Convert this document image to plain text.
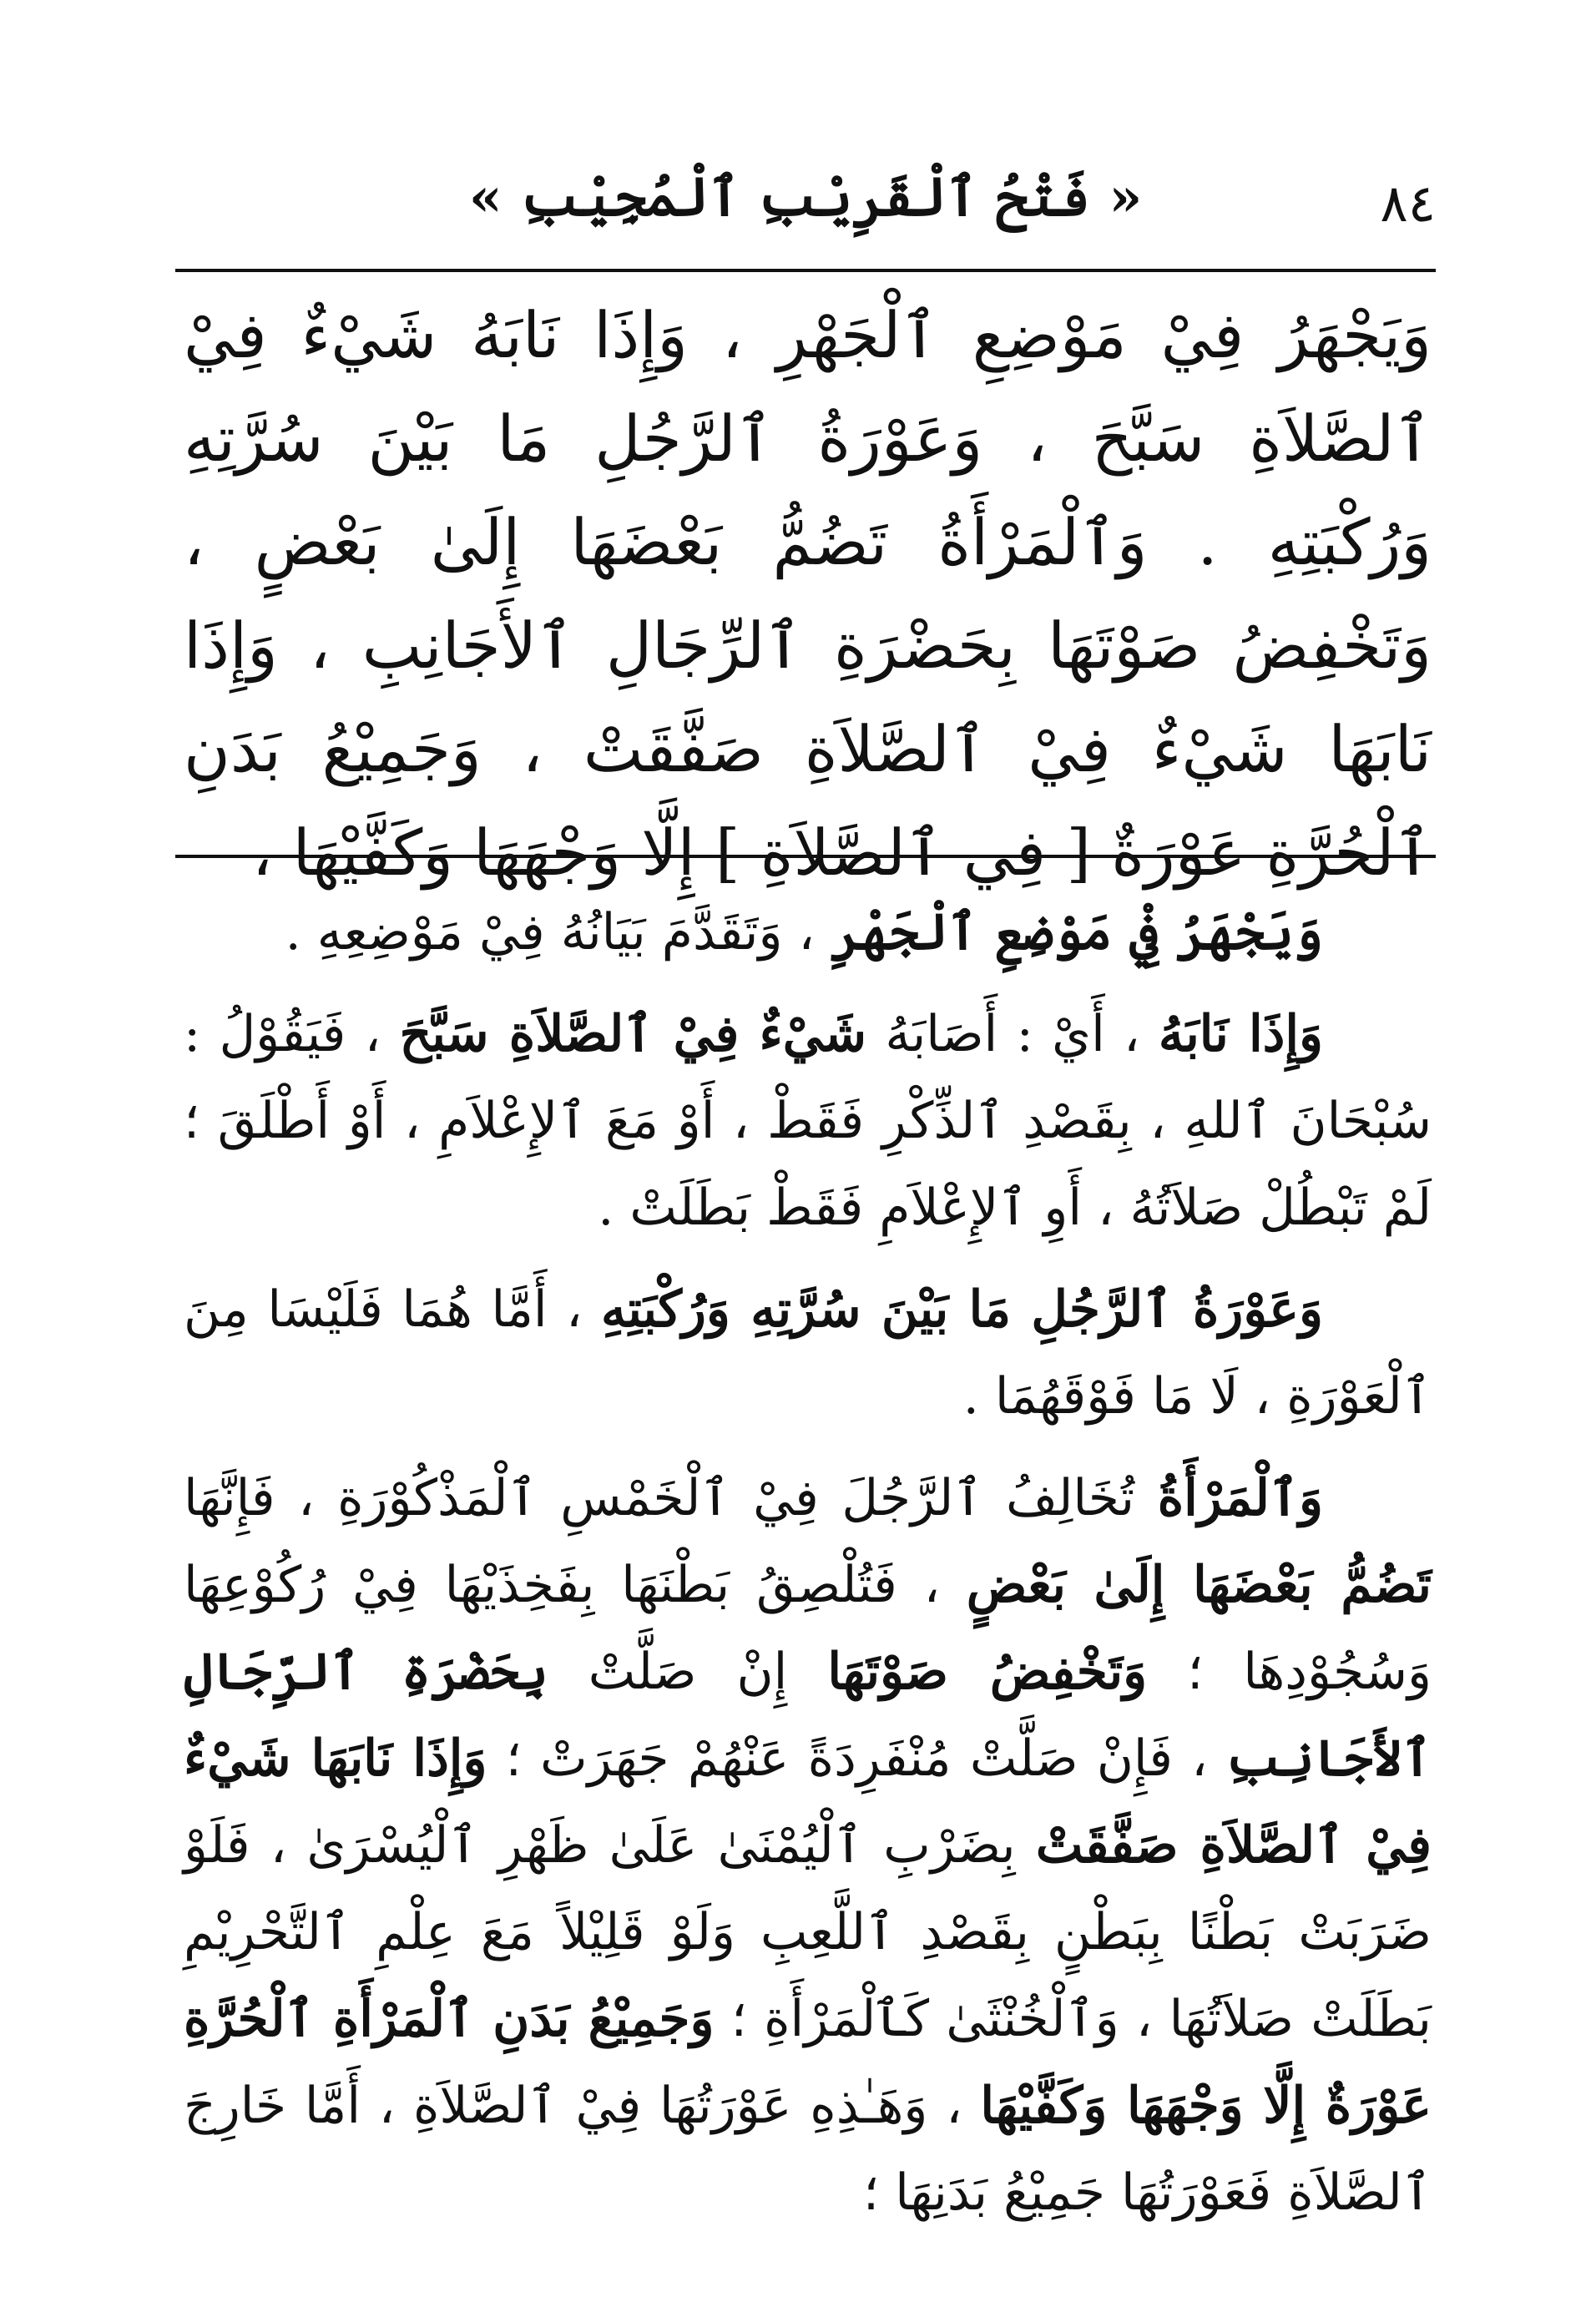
٨٤
« فَتْحُ ٱلْقَرِيْبِ ٱلْمُجِيْبِ »
وَيَجْهَرُ فِيْ مَوْضِعِ ٱلْجَهْرِ ، وَإِذَا نَابَهُ شَيْءٌ فِيْ ٱلصَّلاَةِ سَبَّحَ ، وَعَوْرَةُ ٱلرَّجُلِ مَا بَيْنَ سُرَّتِهِ وَرُكْبَتِهِ . وَٱلْمَرْأَةُ تَضُمُّ بَعْضَهَا إِلَىٰ بَعْضٍ ، وَتَخْفِضُ صَوْتَهَا بِحَضْرَةِ ٱلرِّجَالِ ٱلأَجَانِبِ ، وَإِذَا نَابَهَا شَيْءٌ فِيْ ٱلصَّلاَةِ صَفَّقَتْ ، وَجَمِيْعُ بَدَنِ ٱلْحُرَّةِ عَوْرَةٌ [ فِي ٱلصَّلاَةِ ] إِلَّا وَجْهَهَا وَكَفَّيْهَا ،

وَيَجْهَرُ فِيْ مَوْضِعِ ٱلْجَهْرِ ، وَتَقَدَّمَ بَيَانُهُ فِيْ مَوْضِعِهِ .

وَإِذَا نَابَهُ ، أَيْ : أَصَابَهُ شَيْءٌ فِيْ ٱلصَّلاَةِ سَبَّحَ ، فَيَقُوْلُ : سُبْحَانَ ٱللهِ ، بِقَصْدِ ٱلذِّكْرِ فَقَطْ ، أَوْ مَعَ ٱلإِعْلاَمِ ، أَوْ أَطْلَقَ ؛ لَمْ تَبْطُلْ صَلاَتُهُ ، أَوِ ٱلإِعْلاَمِ فَقَطْ بَطَلَتْ .

وَعَوْرَةُ ٱلرَّجُلِ مَا بَيْنَ سُرَّتِهِ وَرُكْبَتِهِ ، أَمَّا هُمَا فَلَيْسَا مِنَ ٱلْعَوْرَةِ ، لَا مَا فَوْقَهُمَا .

وَٱلْمَرْأَةُ تُخَالِفُ ٱلرَّجُلَ فِيْ ٱلْخَمْسِ ٱلْمَذْكُوْرَةِ ، فَإِنَّهَا تَضُمُّ بَعْضَهَا إِلَىٰ بَعْضٍ ، فَتُلْصِقُ بَطْنَهَا بِفَخِذَيْهَا فِيْ رُكُوْعِهَا وَسُجُوْدِهَا ؛ وَتَخْفِضُ صَوْتَهَا إِنْ صَلَّتْ بِحَضْرَةِ ٱلرِّجَالِ ٱلأَجَانِبِ ، فَإِنْ صَلَّتْ مُنْفَرِدَةً عَنْهُمْ جَهَرَتْ ؛ وَإِذَا نَابَهَا شَيْءٌ فِيْ ٱلصَّلاَةِ صَفَّقَتْ بِضَرْبِ ٱلْيُمْنَىٰ عَلَىٰ ظَهْرِ ٱلْيُسْرَىٰ ، فَلَوْ ضَرَبَتْ بَطْنًا بِبَطْنٍ بِقَصْدِ ٱللَّعِبِ وَلَوْ قَلِيْلاً مَعَ عِلْمِ ٱلتَّحْرِيْمِ بَطَلَتْ صَلاَتُهَا ، وَٱلْخُنْثَىٰ كَٱلْمَرْأَةِ ؛ وَجَمِيْعُ بَدَنِ ٱلْمَرْأَةِ ٱلْحُرَّةِ عَوْرَةٌ إِلَّا وَجْهَهَا وَكَفَّيْهَا ، وَهَـٰذِهِ عَوْرَتُهَا فِيْ ٱلصَّلاَةِ ، أَمَّا خَارِجَ ٱلصَّلاَةِ فَعَوْرَتُهَا جَمِيْعُ بَدَنِهَا ؛
